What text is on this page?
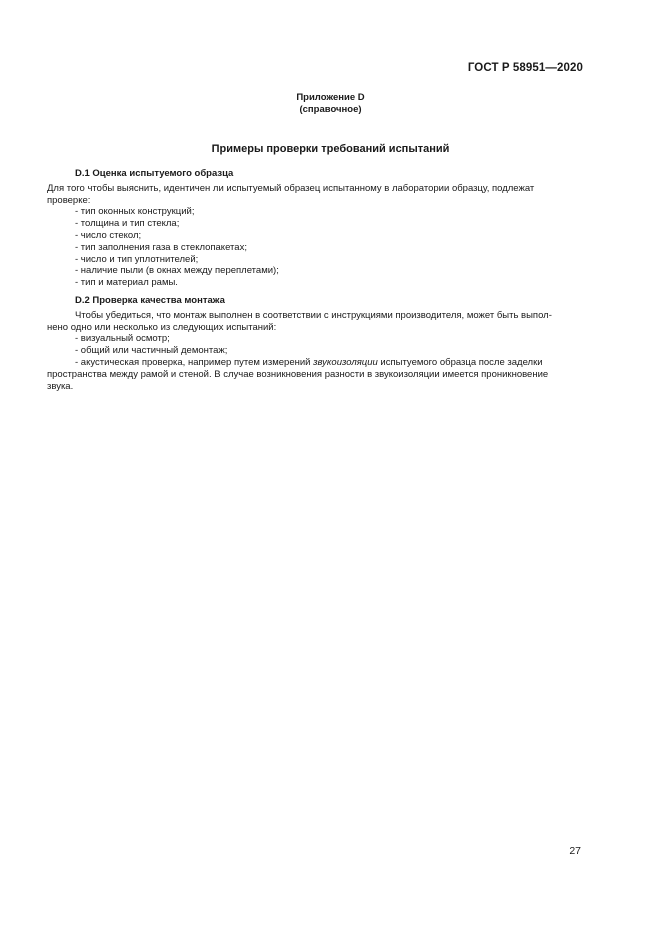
ГОСТ Р 58951—2020
Приложение D
(справочное)
Примеры проверки требований испытаний

D.1 Оценка испытуемого образца

Для того чтобы выяснить, идентичен ли испытуемый образец испытанному в лаборатории образцу, подлежат

проверке:

- тип оконных конструкций;
- толщина и тип стекла;
- число стекол;
- тип заполнения газа в стеклопакетах;
- число и тип уплотнителей;
- наличие пыли (в окнах между переплетами);
- тип и материал рамы.

D.2 Проверка качества монтажа

Чтобы убедиться, что монтаж выполнен в соответствии с инструкциями производителя, может быть выпол-

нено одно или несколько из следующих испытаний:

- визуальный осмотр;
- общий или частичный демонтаж;
- акустическая проверка, например путем измерений звукоизоляции испытуемого образца после заделки

пространства между рамой и стеной. В случае возникновения разности в звукоизоляции имеется проникновение

звука.

27
